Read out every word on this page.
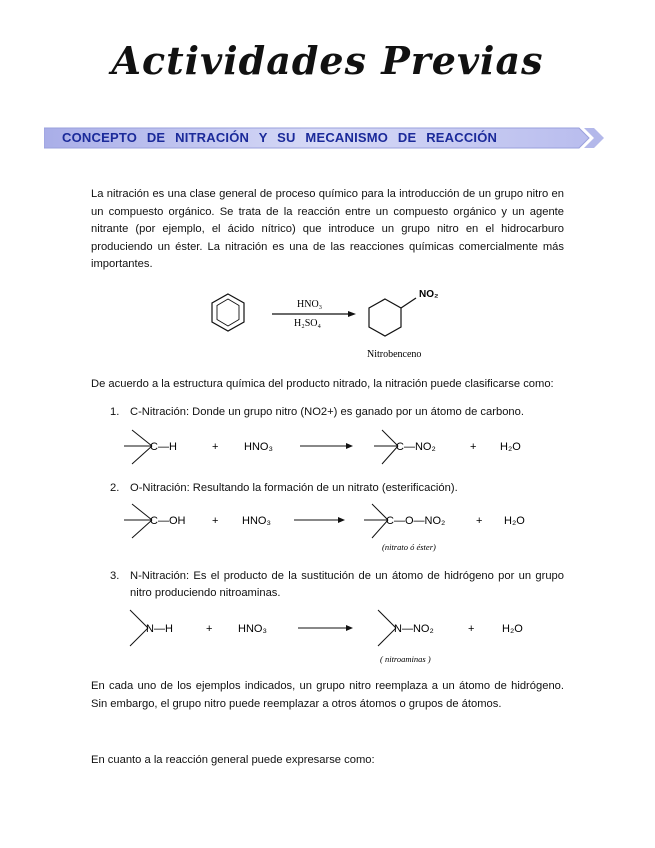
Actividades Previas
CONCEPTO DE NITRACIÓN Y SU MECANISMO DE REACCIÓN
La nitración es una clase general de proceso químico para la introducción de un grupo nitro en un compuesto orgánico. Se trata de la reacción entre un compuesto orgánico y un agente nitrante (por ejemplo, el ácido nítrico) que introduce un grupo nitro en el hidrocarburo produciendo un éster. La nitración es una de las reacciones químicas comercialmente más importantes.
HNO₃
H₂SO₄
NO₂
Nitrobenceno
De acuerdo a la estructura química del producto nitrado, la nitración puede clasificarse como:
1. C-Nitración: Donde un grupo nitro (NO2+) es ganado por un átomo de carbono.
C—H	+ HNO₃	C—NO₂	+ H₂O
2. O-Nitración: Resultando la formación de un nitrato (esterificación).
C—OH + HNO₃	C—O—NO₂	+ H₂O
(nitrato ó éster)
3. N-Nitración: Es el producto de la sustitución de un átomo de hidrógeno por un grupo nitro produciendo nitroaminas.
N—H	+ HNO₃	N—NO₂	+	H₂O
( nitroaminas )
En cada uno de los ejemplos indicados, un grupo nitro reemplaza a un átomo de hidrógeno. Sin embargo, el grupo nitro puede reemplazar a otros átomos o grupos de átomos.
En cuanto a la reacción general puede expresarse como:
